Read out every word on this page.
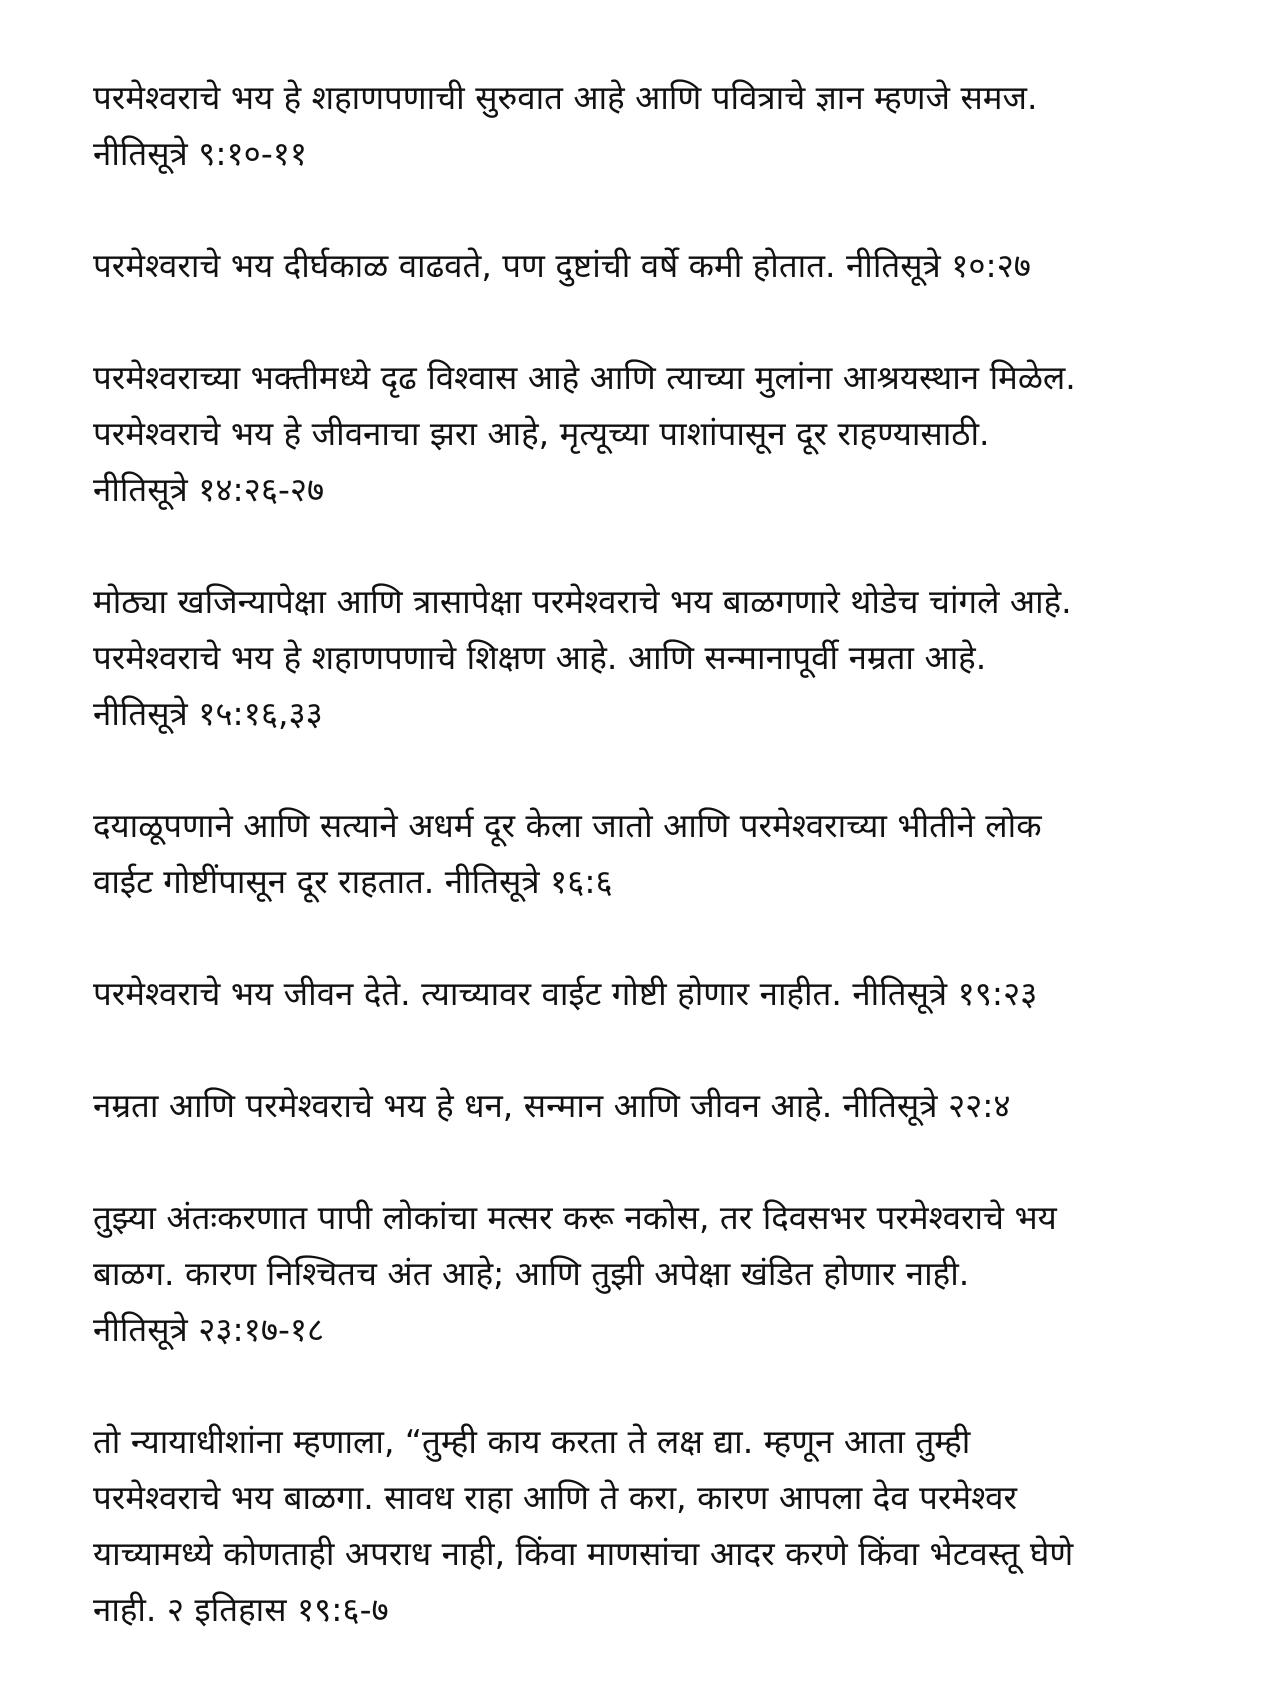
परमेश्वराचे भय हे शहाणपणाची सुरुवात आहे आणि पवित्राचे ज्ञान म्हणजे समज.
नीतिसूत्रे ९:१०-११
परमेश्वराचे भय दीर्घकाळ वाढवते, पण दुष्टांची वर्षे कमी होतात. नीतिसूत्रे १०:२७
परमेश्वराच्या भक्तीमध्ये दृढ विश्वास आहे आणि त्याच्या मुलांना आश्रयस्थान मिळेल.
परमेश्वराचे भय हे जीवनाचा झरा आहे, मृत्यूच्या पाशांपासून दूर राहण्यासाठी.
नीतिसूत्रे १४:२६-२७
मोठ्या खजिन्यापेक्षा आणि त्रासापेक्षा परमेश्वराचे भय बाळगणारे थोडेच चांगले आहे.
परमेश्वराचे भय हे शहाणपणाचे शिक्षण आहे. आणि सन्मानापूर्वी नम्रता आहे.
नीतिसूत्रे १५:१६,३३
दयाळूपणाने आणि सत्याने अधर्म दूर केला जातो आणि परमेश्वराच्या भीतीने लोक
वाईट गोष्टींपासून दूर राहतात. नीतिसूत्रे १६:६
परमेश्वराचे भय जीवन देते. त्याच्यावर वाईट गोष्टी होणार नाहीत. नीतिसूत्रे १९:२३
नम्रता आणि परमेश्वराचे भय हे धन, सन्मान आणि जीवन आहे. नीतिसूत्रे २२:४
तुझ्या अंतःकरणात पापी लोकांचा मत्सर करू नकोस, तर दिवसभर परमेश्वराचे भय
बाळग. कारण निश्चितच अंत आहे; आणि तुझी अपेक्षा खंडित होणार नाही.
नीतिसूत्रे २३:१७-१८
तो न्यायाधीशांना म्हणाला, “तुम्ही काय करता ते लक्ष द्या. म्हणून आता तुम्ही
परमेश्वराचे भय बाळगा. सावध राहा आणि ते करा, कारण आपला देव परमेश्वर
याच्यामध्ये कोणताही अपराध नाही, किंवा माणसांचा आदर करणे किंवा भेटवस्तू घेणे
नाही. २ इतिहास १९:६-७
